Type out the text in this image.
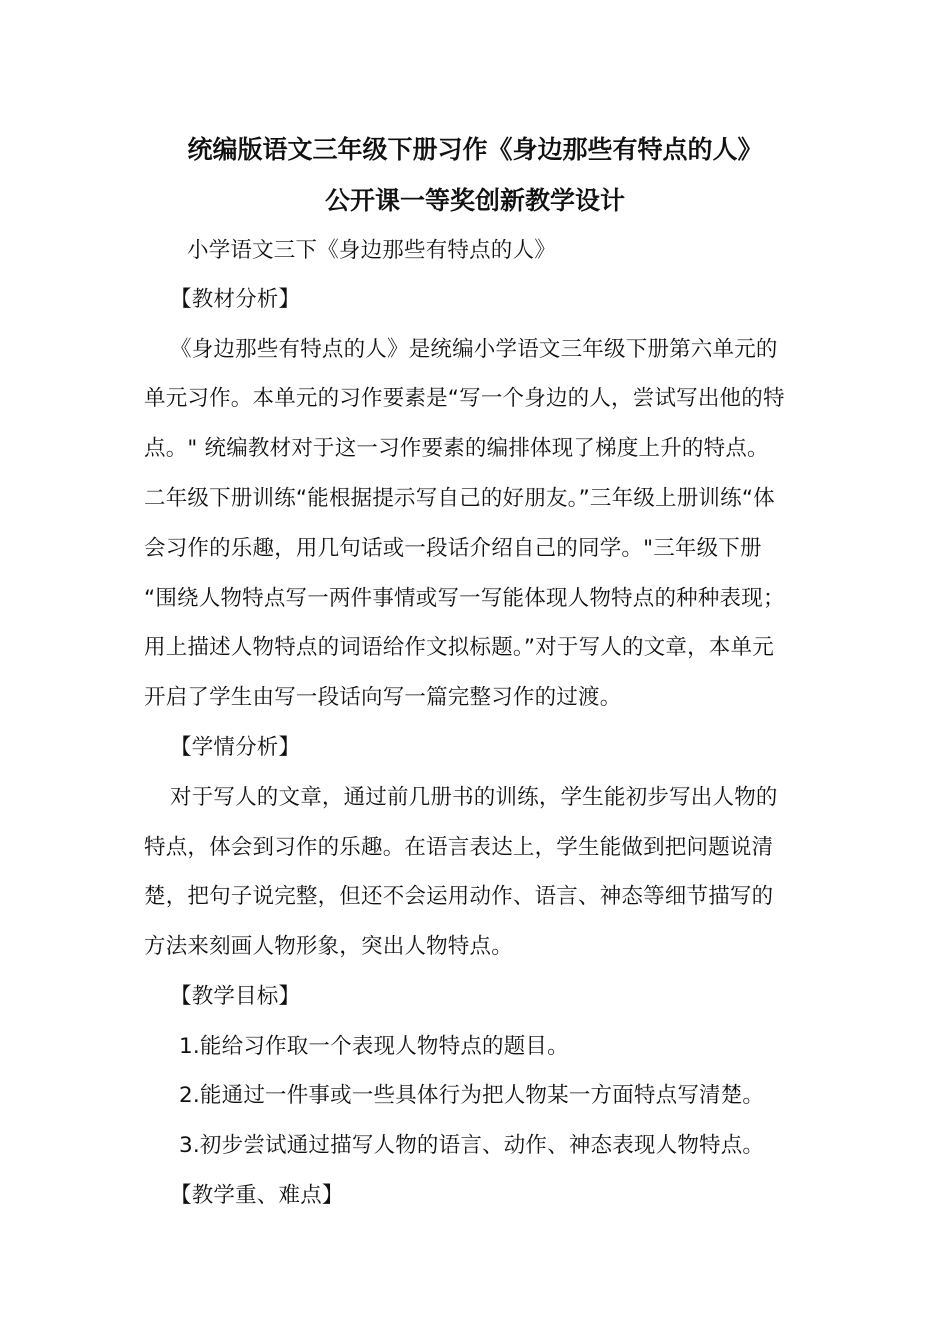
统编版语文三年级下册习作《身边那些有特点的人》
公开课一等奖创新教学设计
小学语文三下《身边那些有特点的人》
【教材分析】
《身边那些有特点的人》是统编小学语文三年级下册第六单元的
单元习作。本单元的习作要素是“写一个身边的人，尝试写出他的特
点。" 统编教材对于这一习作要素的编排体现了梯度上升的特点。
二年级下册训练“能根据提示写自己的好朋友。”三年级上册训练“体
会习作的乐趣，用几句话或一段话介绍自己的同学。"三年级下册
“围绕人物特点写一两件事情或写一写能体现人物特点的种种表现；
用上描述人物特点的词语给作文拟标题。”对于写人的文章，本单元
开启了学生由写一段话向写一篇完整习作的过渡。
【学情分析】
对于写人的文章，通过前几册书的训练，学生能初步写出人物的
特点，体会到习作的乐趣。在语言表达上，学生能做到把问题说清
楚，把句子说完整，但还不会运用动作、语言、神态等细节描写的
方法来刻画人物形象，突出人物特点。
【教学目标】
1.能给习作取一个表现人物特点的题目。
2.能通过一件事或一些具体行为把人物某一方面特点写清楚。
3.初步尝试通过描写人物的语言、动作、神态表现人物特点。
【教学重、难点】
